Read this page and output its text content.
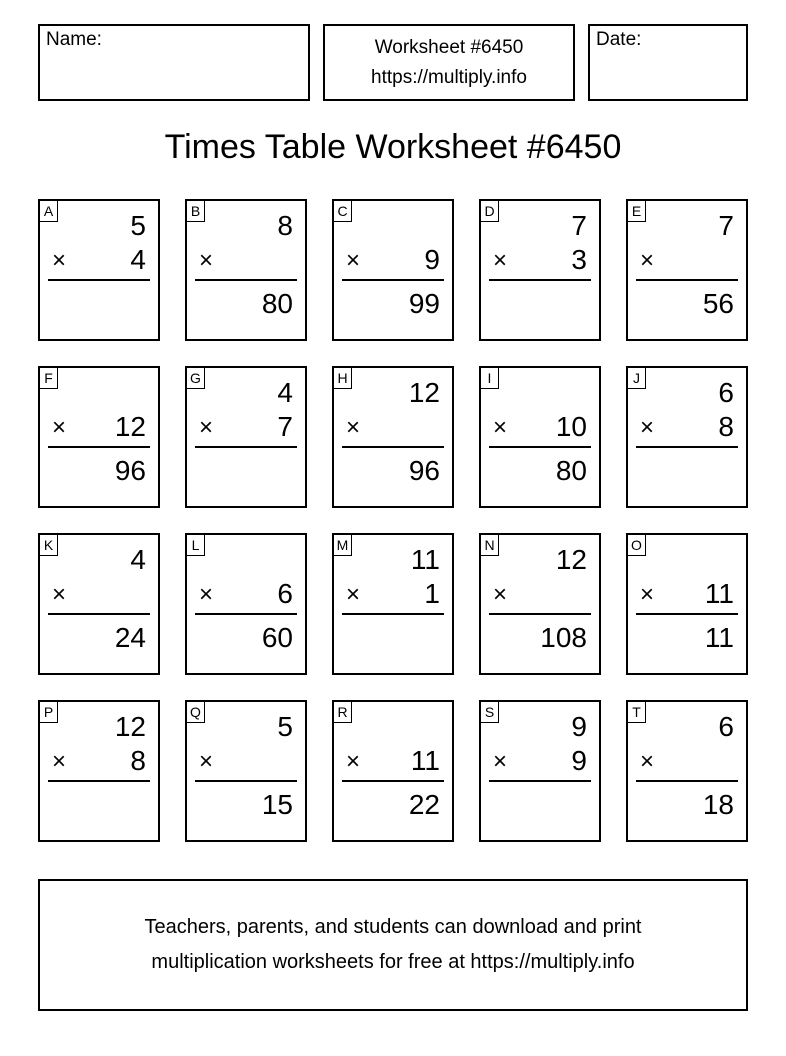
Name:	Worksheet #6450
https://multiply.info
Date:
Times Table Worksheet #6450
A	5
× 4
B	8
×
80
C
× 9
99
D	7
× 3
E	7
×
56
F
× 12
96
G	4
× 7
H 12
×
96
I
× 10
80
J	6
× 8
K	4
×
24
L
× 6
60
M 11
× 1
N 12
×
108
O
× 11
11
P 12
× 8
Q	5
×
15
R
× 11
22
S	9
× 9
T	6
×
18
Teachers, parents, and students can download and print
multiplication worksheets for free at https://multiply.info
